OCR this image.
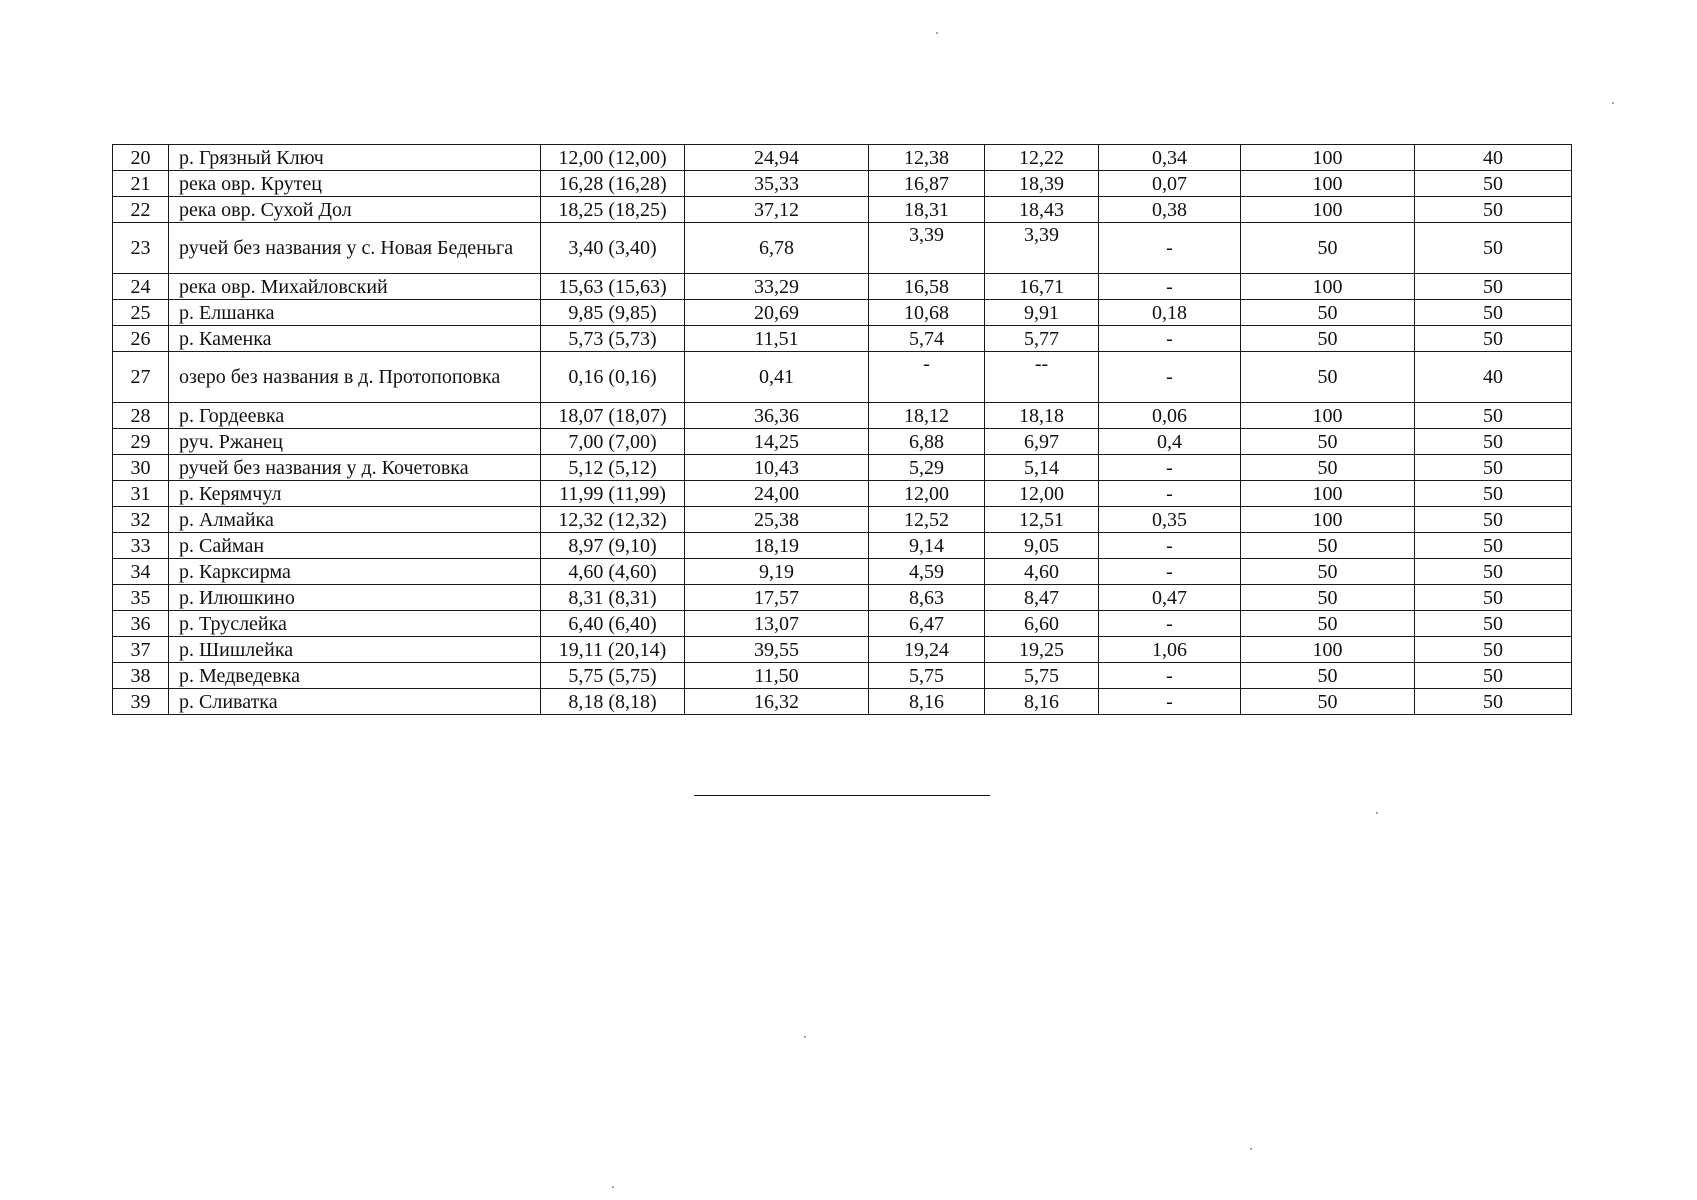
20	р. Грязный Ключ	12,00 (12,00)	24,94	12,38	12,22	0,34	100	40
21	река овр. Крутец	16,28 (16,28)	35,33	16,87	18,39	0,07	100	50
22	река овр. Сухой Дол	18,25 (18,25)	37,12	18,31	18,43	0,38	100	50
23	ручей без названия у с. Новая Беденьга	3,40 (3,40)	6,78	3,39	3,39	-	50	50
24	река овр. Михайловский	15,63 (15,63)	33,29	16,58	16,71	-	100	50
25	р. Елшанка	9,85 (9,85)	20,69	10,68	9,91	0,18	50	50
26	р. Каменка	5,73 (5,73)	11,51	5,74	5,77	-	50	50
27	озеро без названия в д. Протопоповка	0,16 (0,16)	0,41	-	--	-	50	40
28	р. Гордеевка	18,07 (18,07)	36,36	18,12	18,18	0,06	100	50
29	руч. Ржанец	7,00 (7,00)	14,25	6,88	6,97	0,4	50	50
30	ручей без названия у д. Кочетовка	5,12 (5,12)	10,43	5,29	5,14	-	50	50
31	р. Керямчул	11,99 (11,99)	24,00	12,00	12,00	-	100	50
32	р. Алмайка	12,32 (12,32)	25,38	12,52	12,51	0,35	100	50
33	р. Сайман	8,97 (9,10)	18,19	9,14	9,05	-	50	50
34	р. Карксирма	4,60 (4,60)	9,19	4,59	4,60	-	50	50
35	р. Илюшкино	8,31 (8,31)	17,57	8,63	8,47	0,47	50	50
36	р. Труслейка	6,40 (6,40)	13,07	6,47	6,60	-	50	50
37	р. Шишлейка	19,11 (20,14)	39,55	19,24	19,25	1,06	100	50
38	р. Медведевка	5,75 (5,75)	11,50	5,75	5,75	-	50	50
39	р. Сливатка	8,18 (8,18)	16,32	8,16	8,16	-	50	50
